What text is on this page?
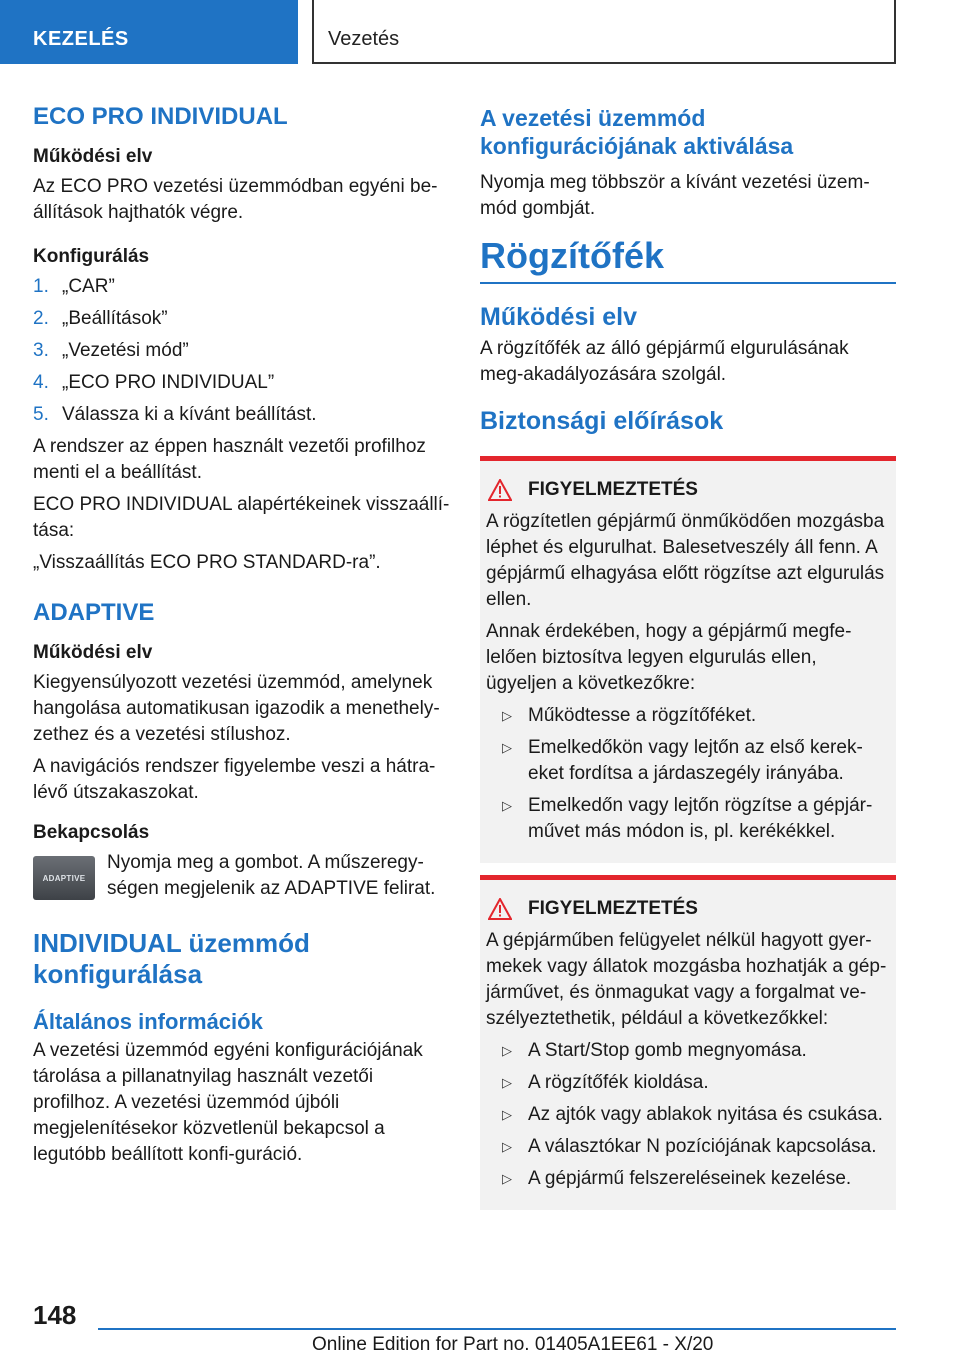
KEZELÉS	Vezetés
ECO PRO INDIVIDUAL
Működési elv
Az ECO PRO vezetési üzemmódban egyéni be-állítások hajthatók végre.
Konfigurálás
1. „CAR”
2. „Beállítások”
3. „Vezetési mód”
4. „ECO PRO INDIVIDUAL”
5. Válassza ki a kívánt beállítást.
A rendszer az éppen használt vezetői profilhoz menti el a beállítást.
ECO PRO INDIVIDUAL alapértékeinek visszaállí-tása:
„Visszaállítás ECO PRO STANDARD-ra”.
ADAPTIVE
Működési elv
Kiegyensúlyozott vezetési üzemmód, amelynek hangolása automatikusan igazodik a menethely-zethez és a vezetési stílushoz.
A navigációs rendszer figyelembe veszi a hátra-lévő útszakaszokat.
Bekapcsolás
ADAPTIVE
Nyomja meg a gombot. A műszeregy-ségen megjelenik az ADAPTIVE felirat.
INDIVIDUAL üzemmód konfigurálása
Általános információk
A vezetési üzemmód egyéni konfigurációjának tárolása a pillanatnyilag használt vezetői profilhoz. A vezetési üzemmód újbóli megjelenítésekor közvetlenül bekapcsol a legutóbb beállított konfi-guráció.
A vezetési üzemmód konfigurációjának aktiválása
Nyomja meg többször a kívánt vezetési üzem-mód gombját.
Rögzítőfék
Működési elv
A rögzítőfék az álló gépjármű elgurulásának meg-akadályozására szolgál.
Biztonsági előírások
FIGYELMEZTETÉS
A rögzítetlen gépjármű önműködően mozgásba léphet és elgurulhat. Balesetveszély áll fenn. A gépjármű elhagyása előtt rögzítse azt elgurulás ellen.
Annak érdekében, hogy a gépjármű megfe-lelően biztosítva legyen elgurulás ellen, ügyeljen a következőkre:
▷ Működtesse a rögzítőféket.
▷ Emelkedőkön vagy lejtőn az első kerek-eket fordítsa a járdaszegély irányába.
▷ Emelkedőn vagy lejtőn rögzítse a gépjár-művet más módon is, pl. kerékékkel.
FIGYELMEZTETÉS
A gépjárműben felügyelet nélkül hagyott gyer-mekek vagy állatok mozgásba hozhatják a gép-járművet, és önmagukat vagy a forgalmat ve-szélyeztethetik, például a következőkkel:
▷ A Start/Stop gomb megnyomása.
▷ A rögzítőfék kioldása.
▷ Az ajtók vagy ablakok nyitása és csukása.
▷ A választókar N pozíciójának kapcsolása.
▷ A gépjármű felszereléseinek kezelése.
148
Online Edition for Part no. 01405A1EE61 - X/20
